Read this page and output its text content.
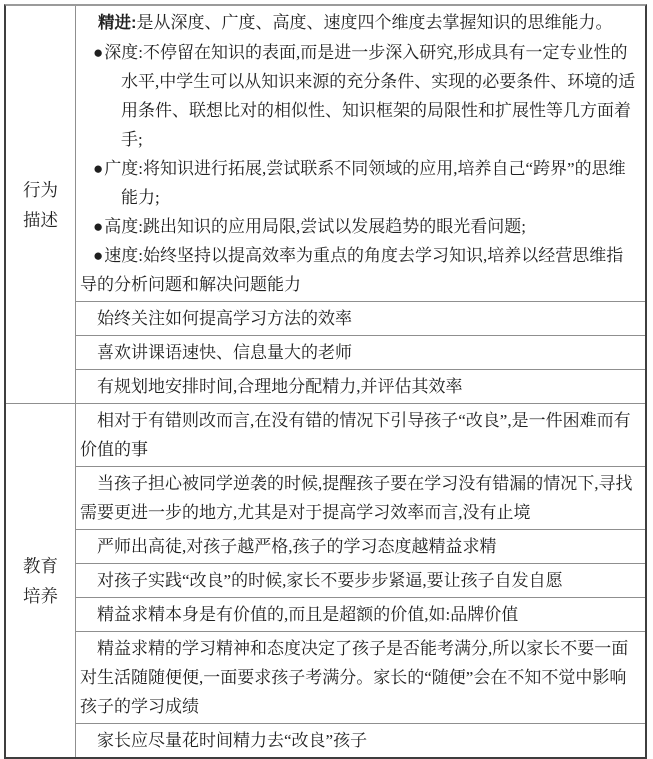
行为
描述

精进:是从深度、广度、高度、速度四个维度去掌握知识的思维能力。

●深度:不停留在知识的表面,而是进一步深入研究,形成具有一定专业性的水平,中学生可以从知识来源的充分条件、实现的必要条件、环境的适用条件、联想比对的相似性、知识框架的局限性和扩展性等几方面着手;

●广度:将知识进行拓展,尝试联系不同领域的应用,培养自己“跨界”的思维能力;

●高度:跳出知识的应用局限,尝试以发展趋势的眼光看问题;

●速度:始终坚持以提高效率为重点的角度去学习知识,培养以经营思维指导的分析问题和解决问题能力

始终关注如何提高学习方法的效率

喜欢讲课语速快、信息量大的老师

有规划地安排时间,合理地分配精力,并评估其效率

教育
培养

相对于有错则改而言,在没有错的情况下引导孩子“改良”,是一件困难而有价值的事

当孩子担心被同学逆袭的时候,提醒孩子要在学习没有错漏的情况下,寻找需要更进一步的地方,尤其是对于提高学习效率而言,没有止境

严师出高徒,对孩子越严格,孩子的学习态度越精益求精

对孩子实践“改良”的时候,家长不要步步紧逼,要让孩子自发自愿

精益求精本身是有价值的,而且是超额的价值,如:品牌价值

精益求精的学习精神和态度决定了孩子是否能考满分,所以家长不要一面对生活随随便便,一面要求孩子考满分。家长的“随便”会在不知不觉中影响孩子的学习成绩

家长应尽量花时间精力去“改良”孩子
